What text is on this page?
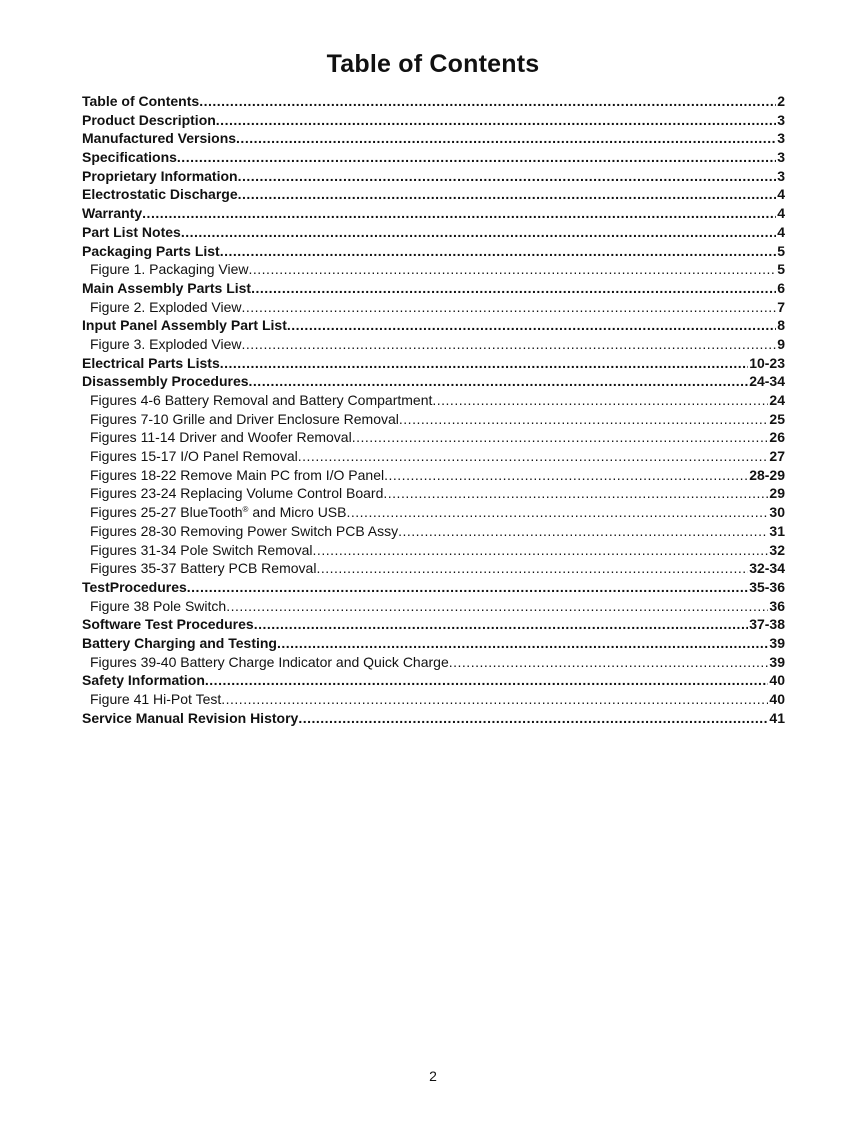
Table of Contents
Table of Contents .....	2
Product Description .....	3
Manufactured Versions .....	3
Specifications .....	3
Proprietary Information .....	3
Electrostatic Discharge .....	4
Warranty .....	4
Part List Notes .....	4
Packaging Parts List .....	5
Figure 1. Packaging View .....	5
Main Assembly Parts List .....	6
Figure 2. Exploded View .....	7
Input Panel Assembly Part List .....	8
Figure 3. Exploded View .....	9
Electrical Parts Lists .....	10-23
Disassembly Procedures .....	24-34
Figures 4-6 Battery Removal and Battery Compartment .....	24
Figures 7-10 Grille and Driver Enclosure Removal .....	25
Figures 11-14 Driver and Woofer Removal .....	26
Figures 15-17 I/O Panel Removal .....	27
Figures 18-22 Remove Main PC from I/O Panel .....	28-29
Figures 23-24 Replacing Volume Control Board .....	29
Figures 25-27 BlueTooth® and Micro USB .....	30
Figures 28-30 Removing Power Switch PCB Assy .....	31
Figures 31-34 Pole Switch Removal .....	32
Figures 35-37 Battery PCB Removal .....	32-34
TestProcedures .....	35-36
Figure 38 Pole Switch .....	36
Software Test Procedures .....	37-38
Battery Charging and Testing .....	39
Figures 39-40 Battery Charge Indicator and Quick Charge .....	39
Safety Information .....	40
Figure 41 Hi-Pot Test .....	40
Service Manual Revision History .....	41
2
